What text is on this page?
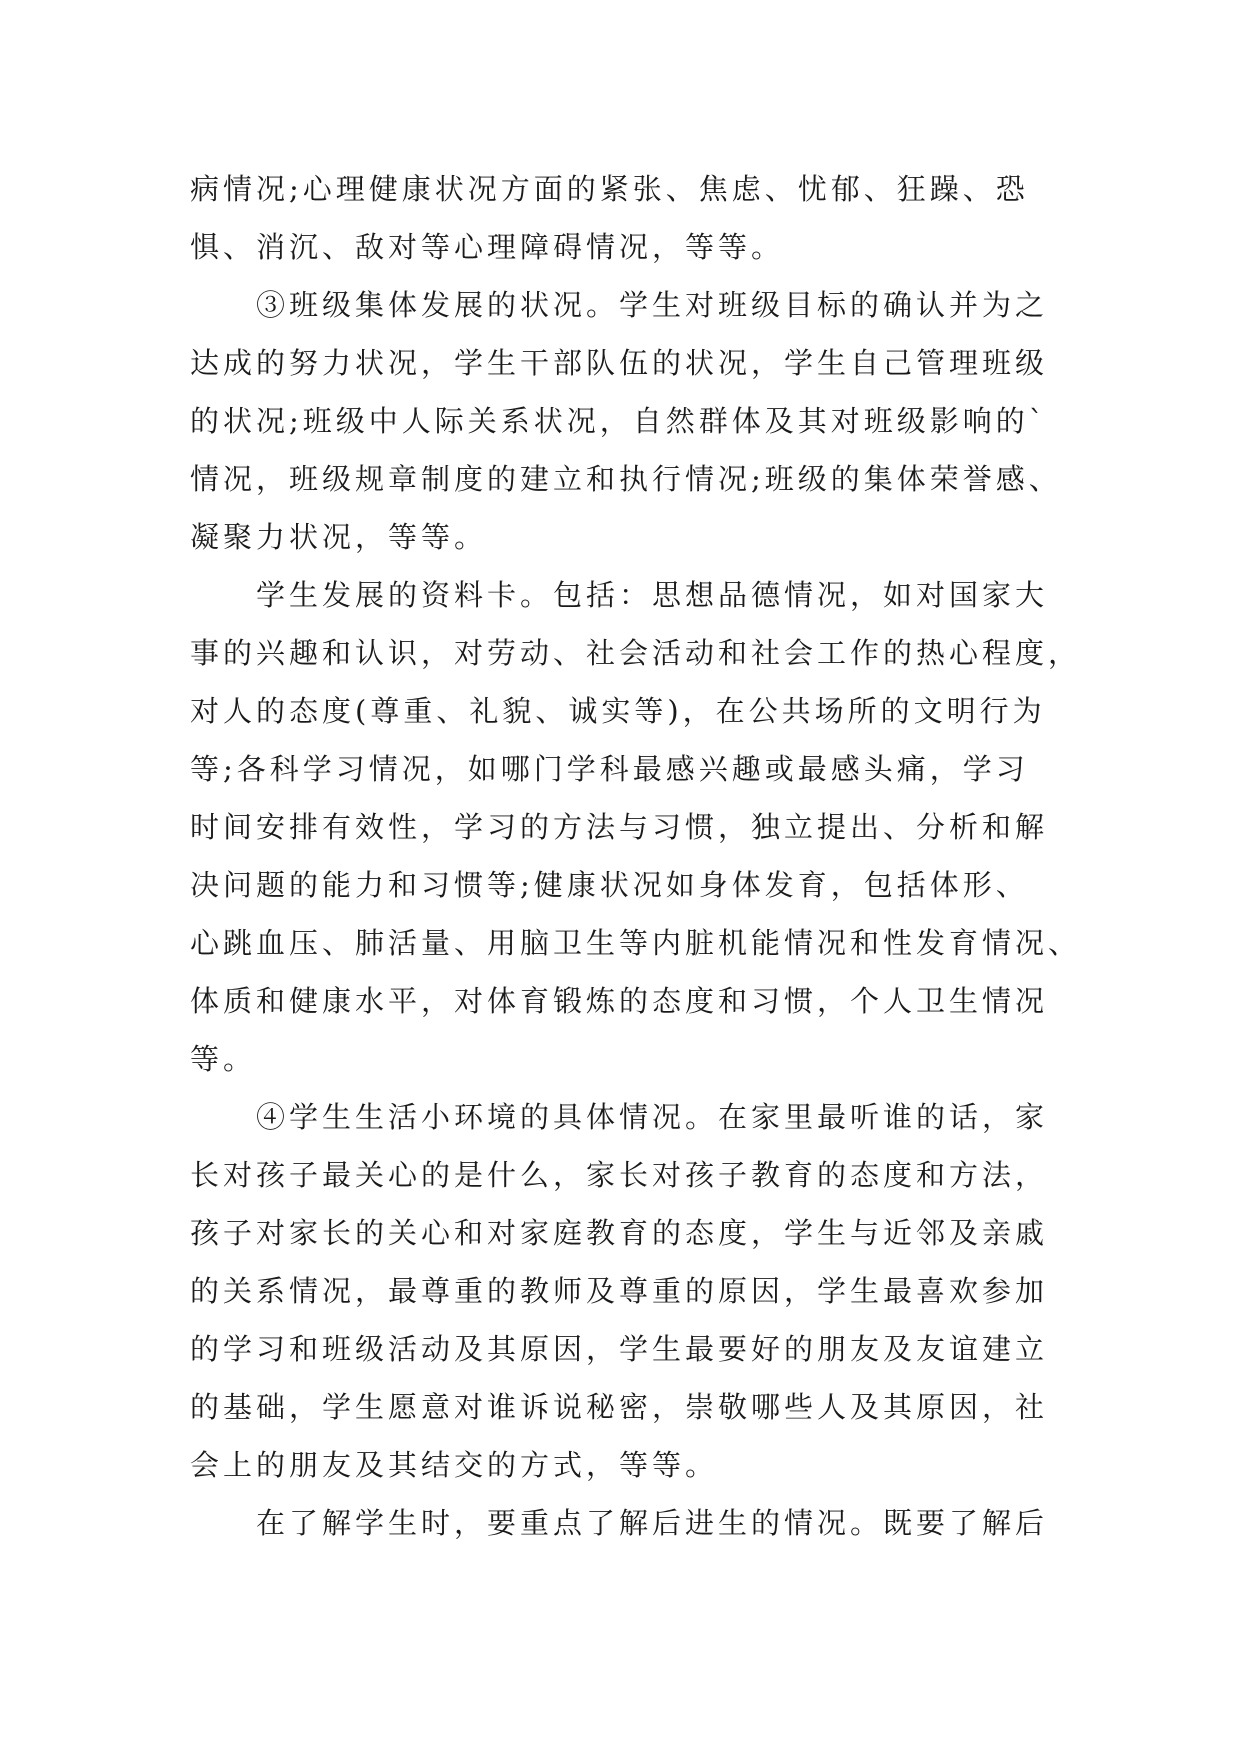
病情况;心理健康状况方面的紧张、焦虑、忧郁、狂躁、恐
惧、消沉、敌对等心理障碍情况，等等。
③班级集体发展的状况。学生对班级目标的确认并为之
达成的努力状况，学生干部队伍的状况，学生自己管理班级
的状况;班级中人际关系状况，自然群体及其对班级影响的`
情况，班级规章制度的建立和执行情况;班级的集体荣誉感、
凝聚力状况，等等。
学生发展的资料卡。包括：思想品德情况，如对国家大
事的兴趣和认识，对劳动、社会活动和社会工作的热心程度，
对人的态度(尊重、礼貌、诚实等)，在公共场所的文明行为
等;各科学习情况，如哪门学科最感兴趣或最感头痛，学习
时间安排有效性，学习的方法与习惯，独立提出、分析和解
决问题的能力和习惯等;健康状况如身体发育，包括体形、
心跳血压、肺活量、用脑卫生等内脏机能情况和性发育情况、
体质和健康水平，对体育锻炼的态度和习惯，个人卫生情况
等。
④学生生活小环境的具体情况。在家里最听谁的话，家
长对孩子最关心的是什么，家长对孩子教育的态度和方法，
孩子对家长的关心和对家庭教育的态度，学生与近邻及亲戚
的关系情况，最尊重的教师及尊重的原因，学生最喜欢参加
的学习和班级活动及其原因，学生最要好的朋友及友谊建立
的基础，学生愿意对谁诉说秘密，崇敬哪些人及其原因，社
会上的朋友及其结交的方式，等等。
在了解学生时，要重点了解后进生的情况。既要了解后
